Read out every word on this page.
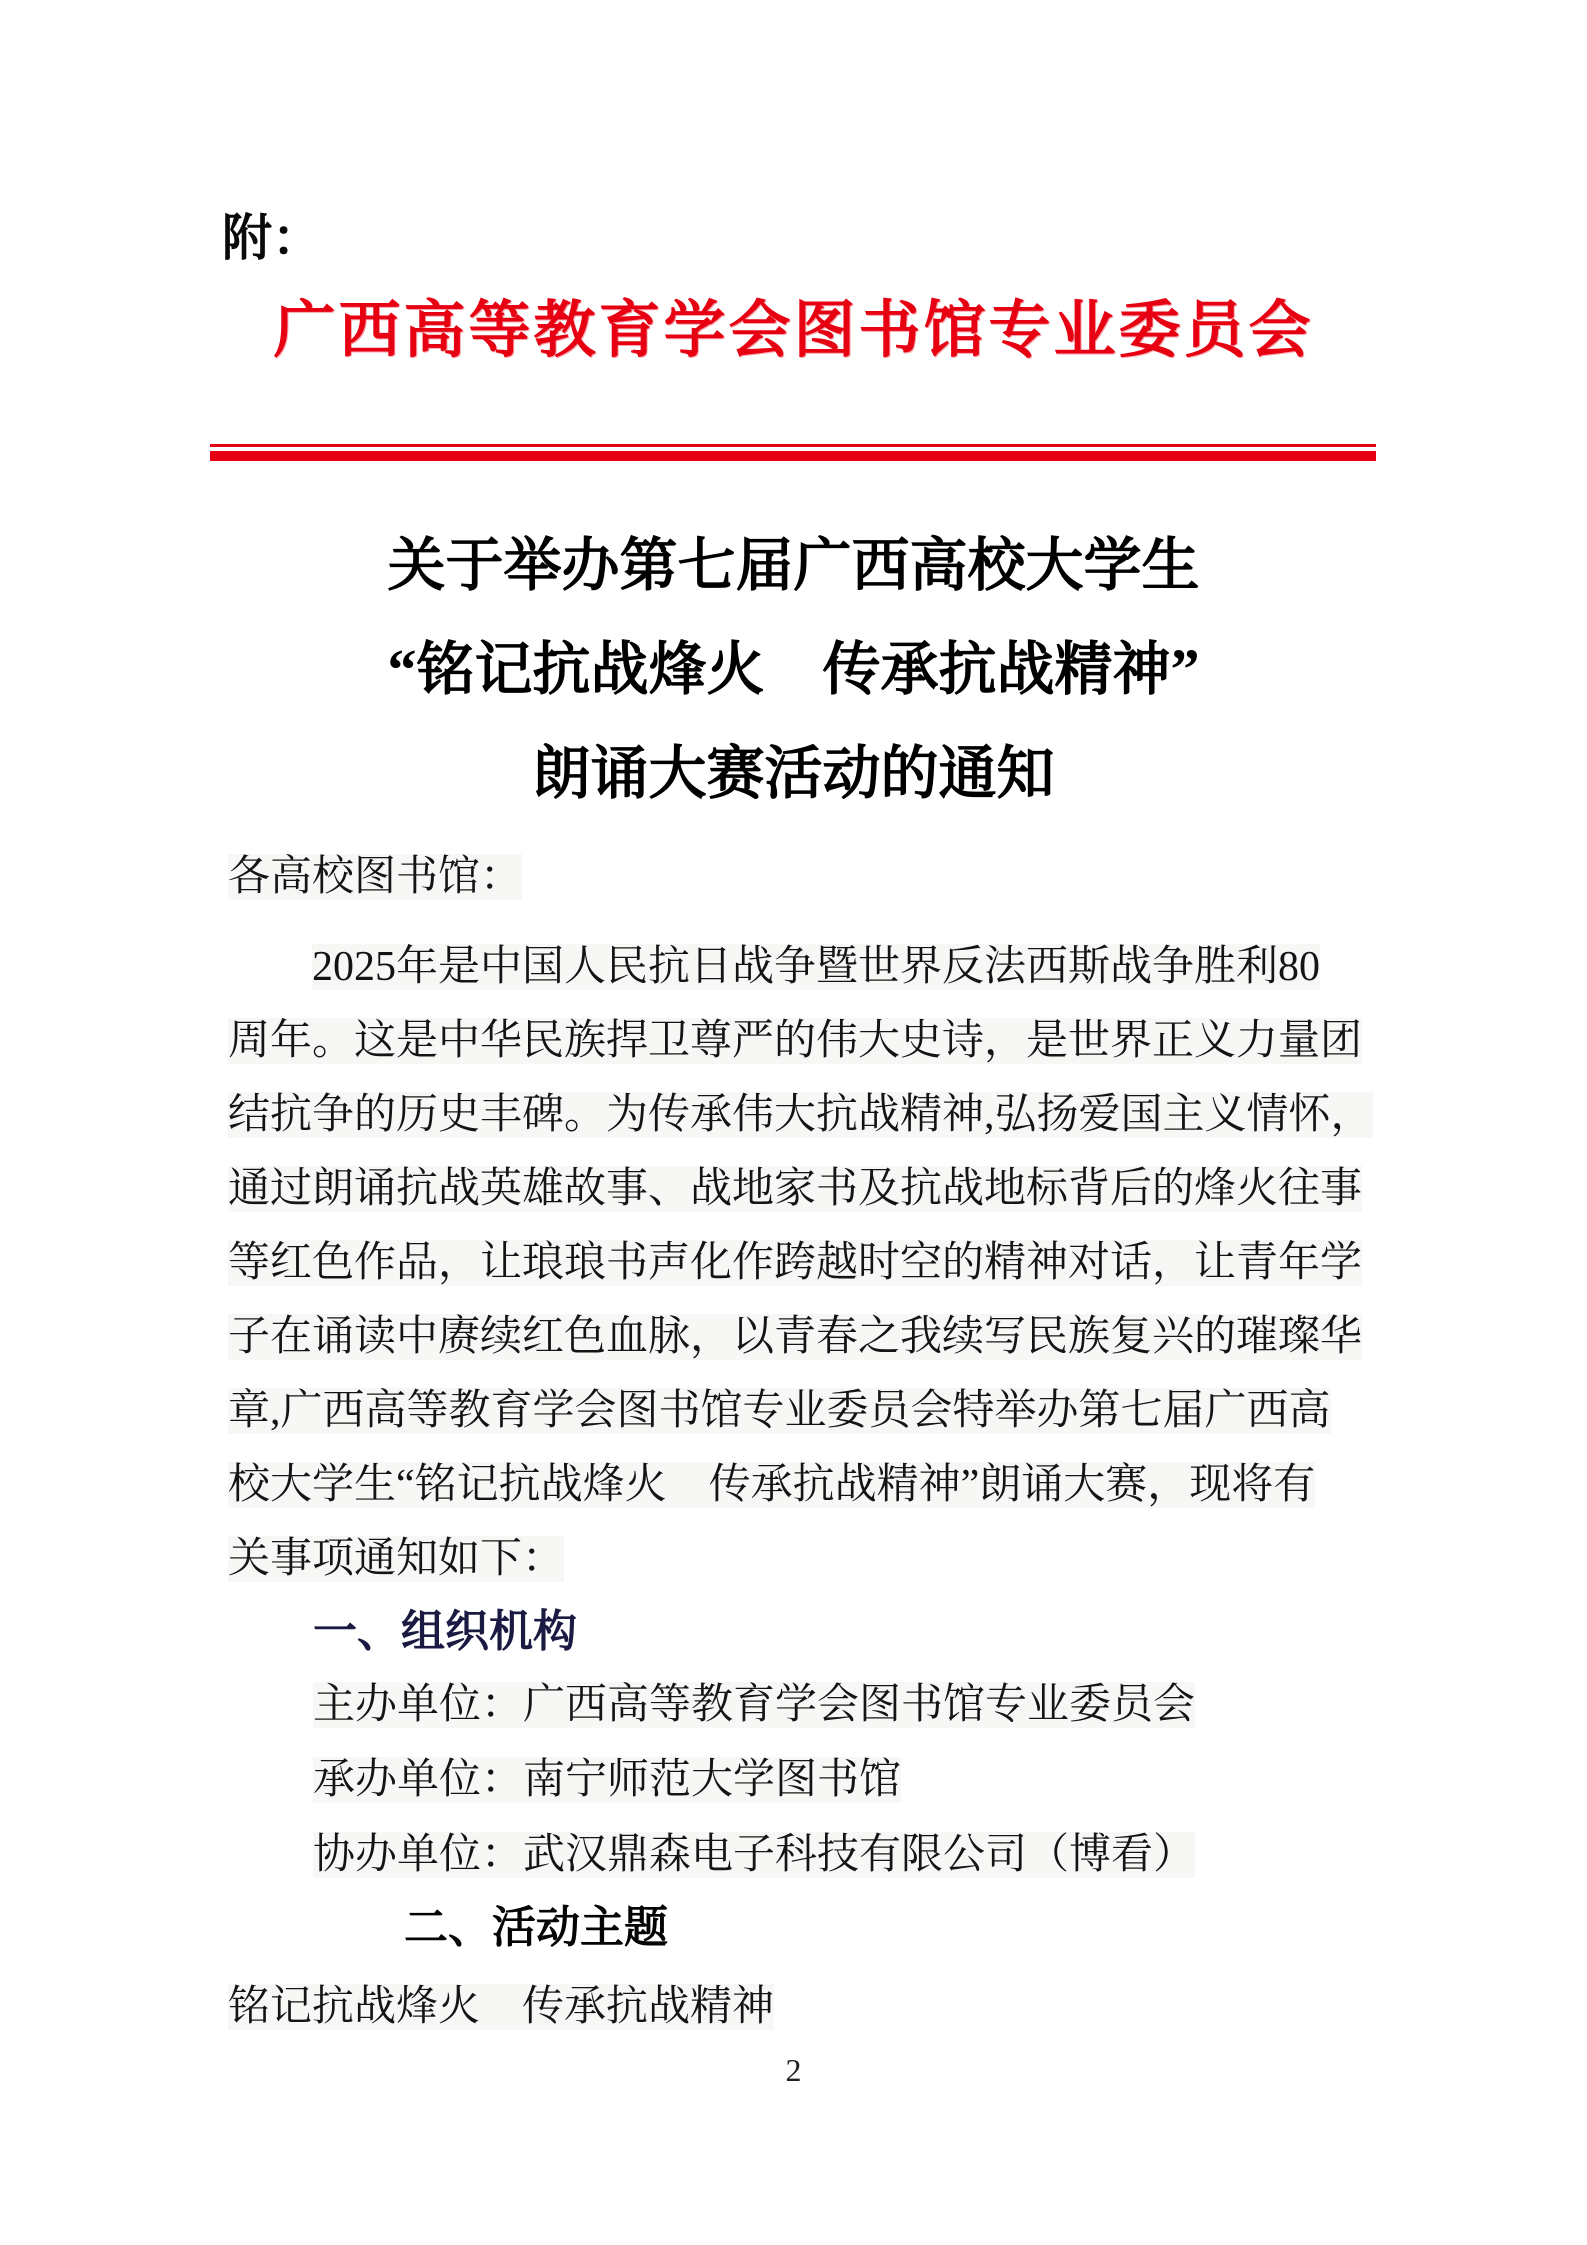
附：
广西高等教育学会图书馆专业委员会
关于举办第七届广西高校大学生
“铭记抗战烽火　传承抗战精神”
朗诵大赛活动的通知
各高校图书馆：
2025年是中国人民抗日战争暨世界反法西斯战争胜利80
周年。这是中华民族捍卫尊严的伟大史诗，是世界正义力量团
结抗争的历史丰碑。为传承伟大抗战精神,弘扬爱国主义情怀，
通过朗诵抗战英雄故事、战地家书及抗战地标背后的烽火往事
等红色作品，让琅琅书声化作跨越时空的精神对话，让青年学
子在诵读中赓续红色血脉，以青春之我续写民族复兴的璀璨华
章,广西高等教育学会图书馆专业委员会特举办第七届广西高
校大学生“铭记抗战烽火　传承抗战精神”朗诵大赛，现将有
关事项通知如下：
一、组织机构
主办单位：广西高等教育学会图书馆专业委员会
承办单位：南宁师范大学图书馆
协办单位：武汉鼎森电子科技有限公司（博看）
二、活动主题
铭记抗战烽火　传承抗战精神
2
